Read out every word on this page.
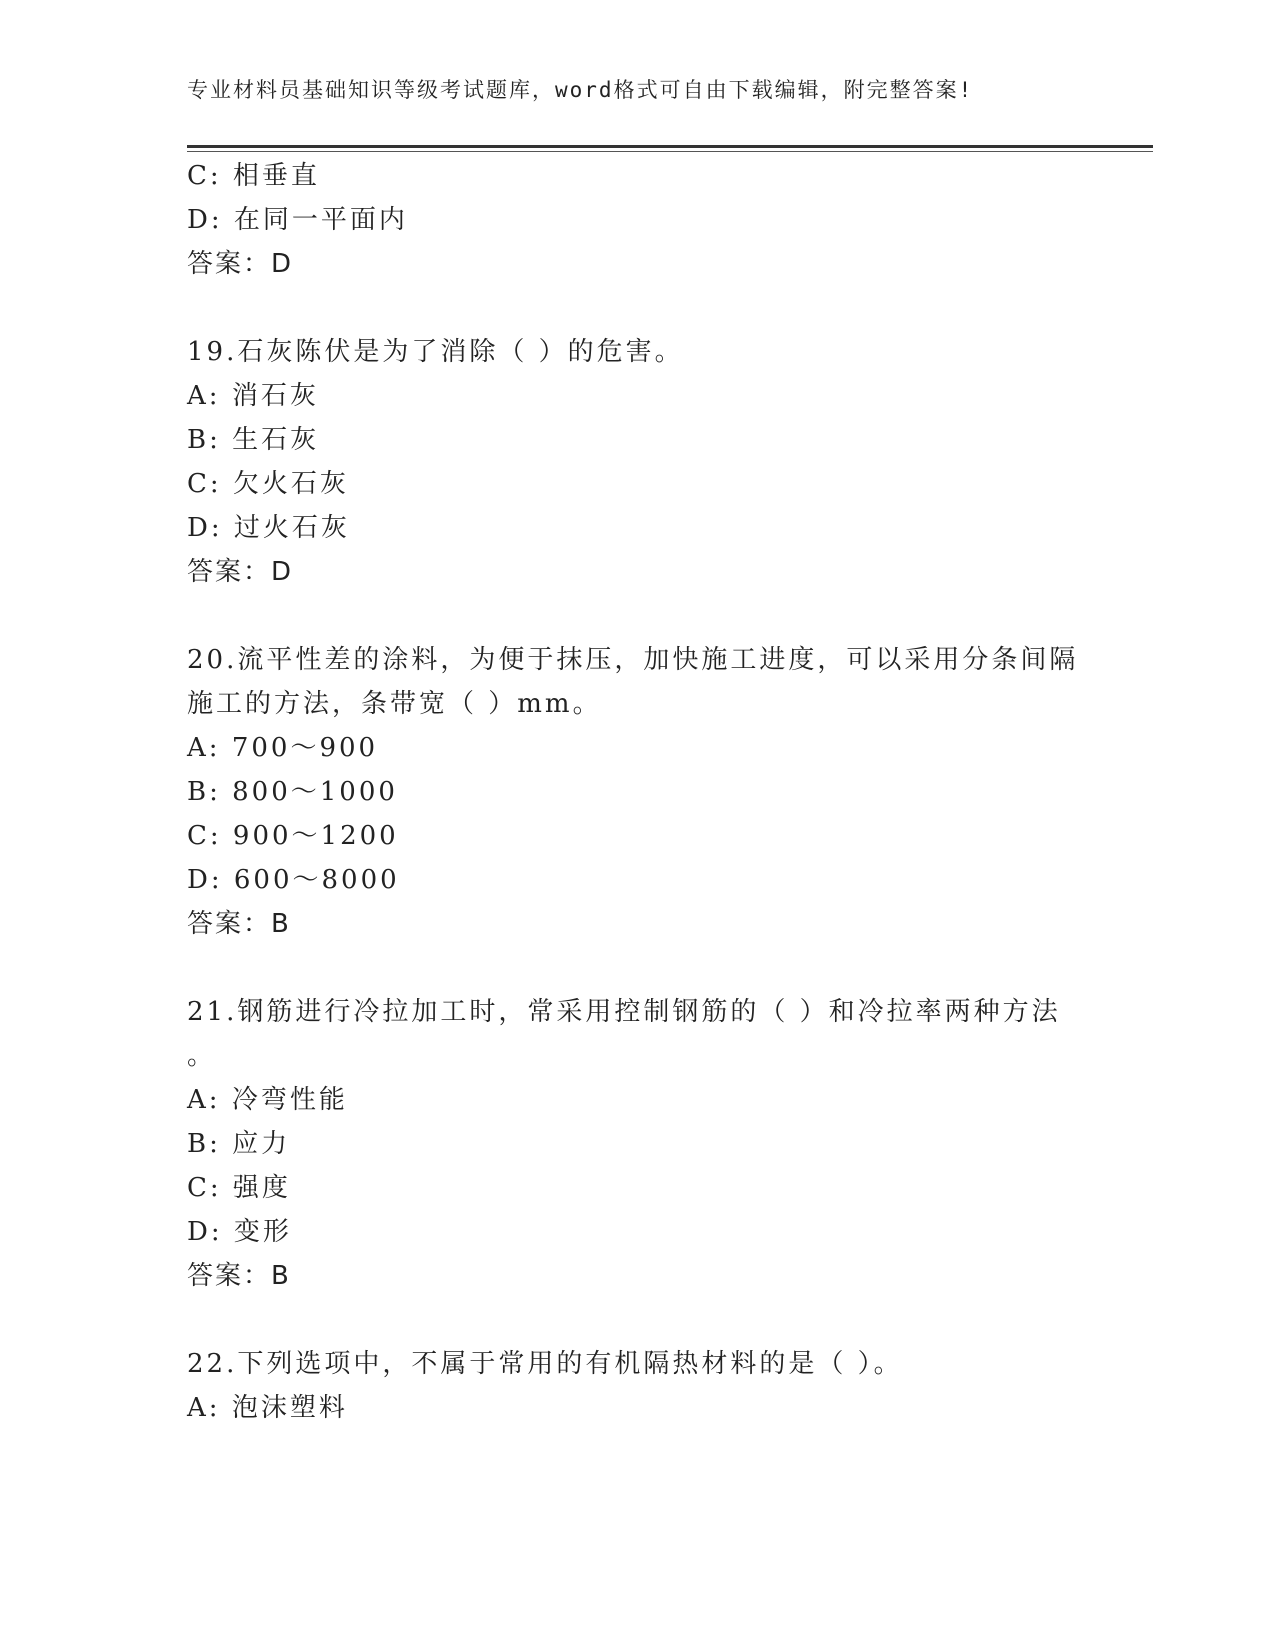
专业材料员基础知识等级考试题库，word格式可自由下载编辑，附完整答案!
C: 相垂直
D: 在同一平面内
答案：D
19.石灰陈伏是为了消除（ ）的危害。
A: 消石灰
B: 生石灰
C: 欠火石灰
D: 过火石灰
答案：D
20.流平性差的涂料，为便于抹压，加快施工进度，可以采用分条间隔
施工的方法，条带宽（ ）mm。
A: 700～900
B: 800～1000
C: 900～1200
D: 600～8000
答案：B
21.钢筋进行冷拉加工时，常采用控制钢筋的（ ）和冷拉率两种方法
。
A: 冷弯性能
B: 应力
C: 强度
D: 变形
答案：B
22.下列选项中，不属于常用的有机隔热材料的是（ ）。
A: 泡沫塑料
